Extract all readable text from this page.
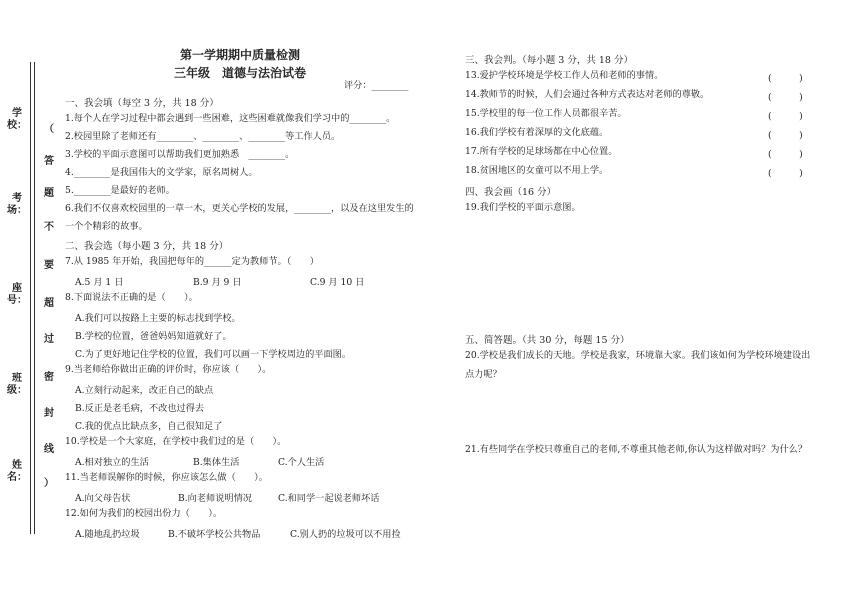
学校：
考场：
座号：
班级：
姓名：
（
答
题
不
要
超
过
密
封
线
）
第一学期期中质量检测
三年级　道德与法治试卷
评分：________
一、我会填（每空 3 分，共 18 分）
1.每个人在学习过程中都会遇到一些困难，这些困难就像我们学习中的________。
2.校园里除了老师还有________、________、________等工作人员。
3.学校的平面示意图可以帮助我们更加熟悉　________。
4.________是我国伟大的文学家，原名周树人。
5.________是最好的老师。
6.我们不仅喜欢校园里的一草一木，更关心学校的发展，________，以及在这里发生的
一个个精彩的故事。
二、我会选（每小题 3 分，共 18 分）
7.从 1985 年开始，我国把每年的______定为教师节。（　　）
A.5 月 1 日	B.9 月 9 日	C.9 月 10 日
8.下面说法不正确的是（　　）。
A.我们可以按路上主要的标志找到学校。
B.学校的位置，爸爸妈妈知道就好了。
C.为了更好地记住学校的位置，我们可以画一下学校周边的平面图。
9.当老师给你做出正确的评价时，你应该（　　）。
A.立刻行动起来，改正自己的缺点
B.反正是老毛病，不改也过得去
C.我的优点比缺点多，自己很知足了
10.学校是一个大家庭，在学校中我们过的是（　　）。
A.相对独立的生活	B.集体生活	C.个人生活
11.当老师误解你的时候，你应该怎么做（　　）。
A.向父母告状	B.向老师说明情况	C.和同学一起说老师坏话
12.如何为我们的校园出份力（　　）。
A.随地乱扔垃圾	B.不破坏学校公共物品	C.别人扔的垃圾可以不用捡
三、我会判。（每小题 3 分，共 18 分）
13.爱护学校环境是学校工作人员和老师的事情。	(　　　)
14.教师节的时候，人们会通过各种方式表达对老师的尊敬。	(　　　)
15.学校里的每一位工作人员都很辛苦。	(　　　)
16.我们学校有着深厚的文化底蕴。	(　　　)
17.所有学校的足球场都在中心位置。	(　　　)
18.贫困地区的女童可以不用上学。	(　　　)
四、我会画（16 分）
19.我们学校的平面示意图。
五、简答题。（共 30 分，每题 15 分）
20.学校是我们成长的天地。学校是我家，环境靠大家。我们该如何为学校环境建设出
点力呢？
21.有些同学在学校只尊重自己的老师,不尊重其他老师,你认为这样做对吗？为什么？
